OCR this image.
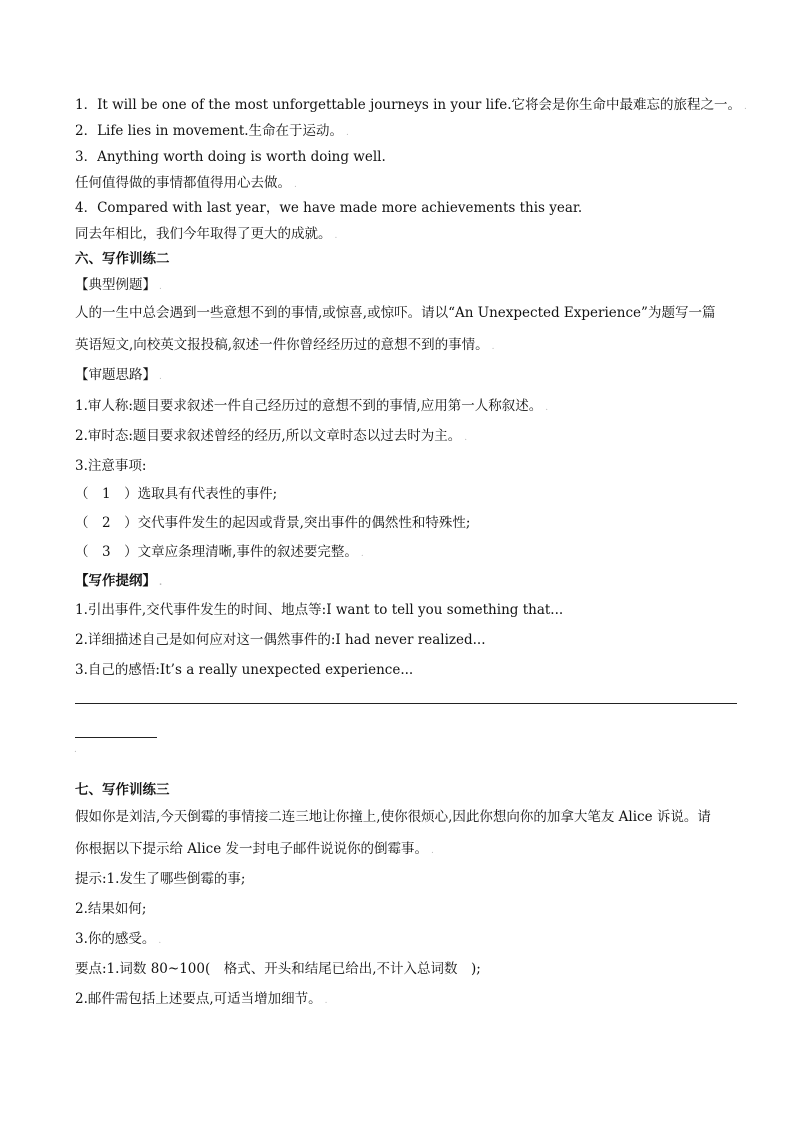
1．It will be one of the most unforgettable journeys in your life.它将会是你生命中最难忘的旅程之一。 .
2．Life lies in movement.生命在于运动。 .
3．Anything worth doing is worth doing well.
任何值得做的事情都值得用心去做。 .
4．Compared with last year，we have made more achievements this year.
同去年相比，我们今年取得了更大的成就。 .
六、写作训练二
【典型例题】 .
人的一生中总会遇到一些意想不到的事情,或惊喜,或惊吓。请以“An Unexpected Experience”为题写一篇
英语短文,向校英文报投稿,叙述一件你曾经经历过的意想不到的事情。 .
【审题思路】 .
1.审人称:题目要求叙述一件自己经历过的意想不到的事情,应用第一人称叙述。 .
2.审时态:题目要求叙述曾经的经历,所以文章时态以过去时为主。 .
3.注意事项:
（　1　）选取具有代表性的事件;
（　2　）交代事件发生的起因或背景,突出事件的偶然性和特殊性;
（　3　）文章应条理清晰,事件的叙述要完整。 .
【写作提纲】 .
1.引出事件,交代事件发生的时间、地点等:I want to tell you something that...
2.详细描述自己是如何应对这一偶然事件的:I had never realized...
3.自己的感悟:It’s a really unexpected experience...
.
七、写作训练三
假如你是刘洁,今天倒霉的事情接二连三地让你撞上,使你很烦心,因此你想向你的加拿大笔友 Alice 诉说。请
你根据以下提示给 Alice 发一封电子邮件说说你的倒霉事。 .
提示:1.发生了哪些倒霉的事;
2.结果如何;
3.你的感受。 .
要点:1.词数 80~100(　格式、开头和结尾已给出,不计入总词数　);
2.邮件需包括上述要点,可适当增加细节。 .
